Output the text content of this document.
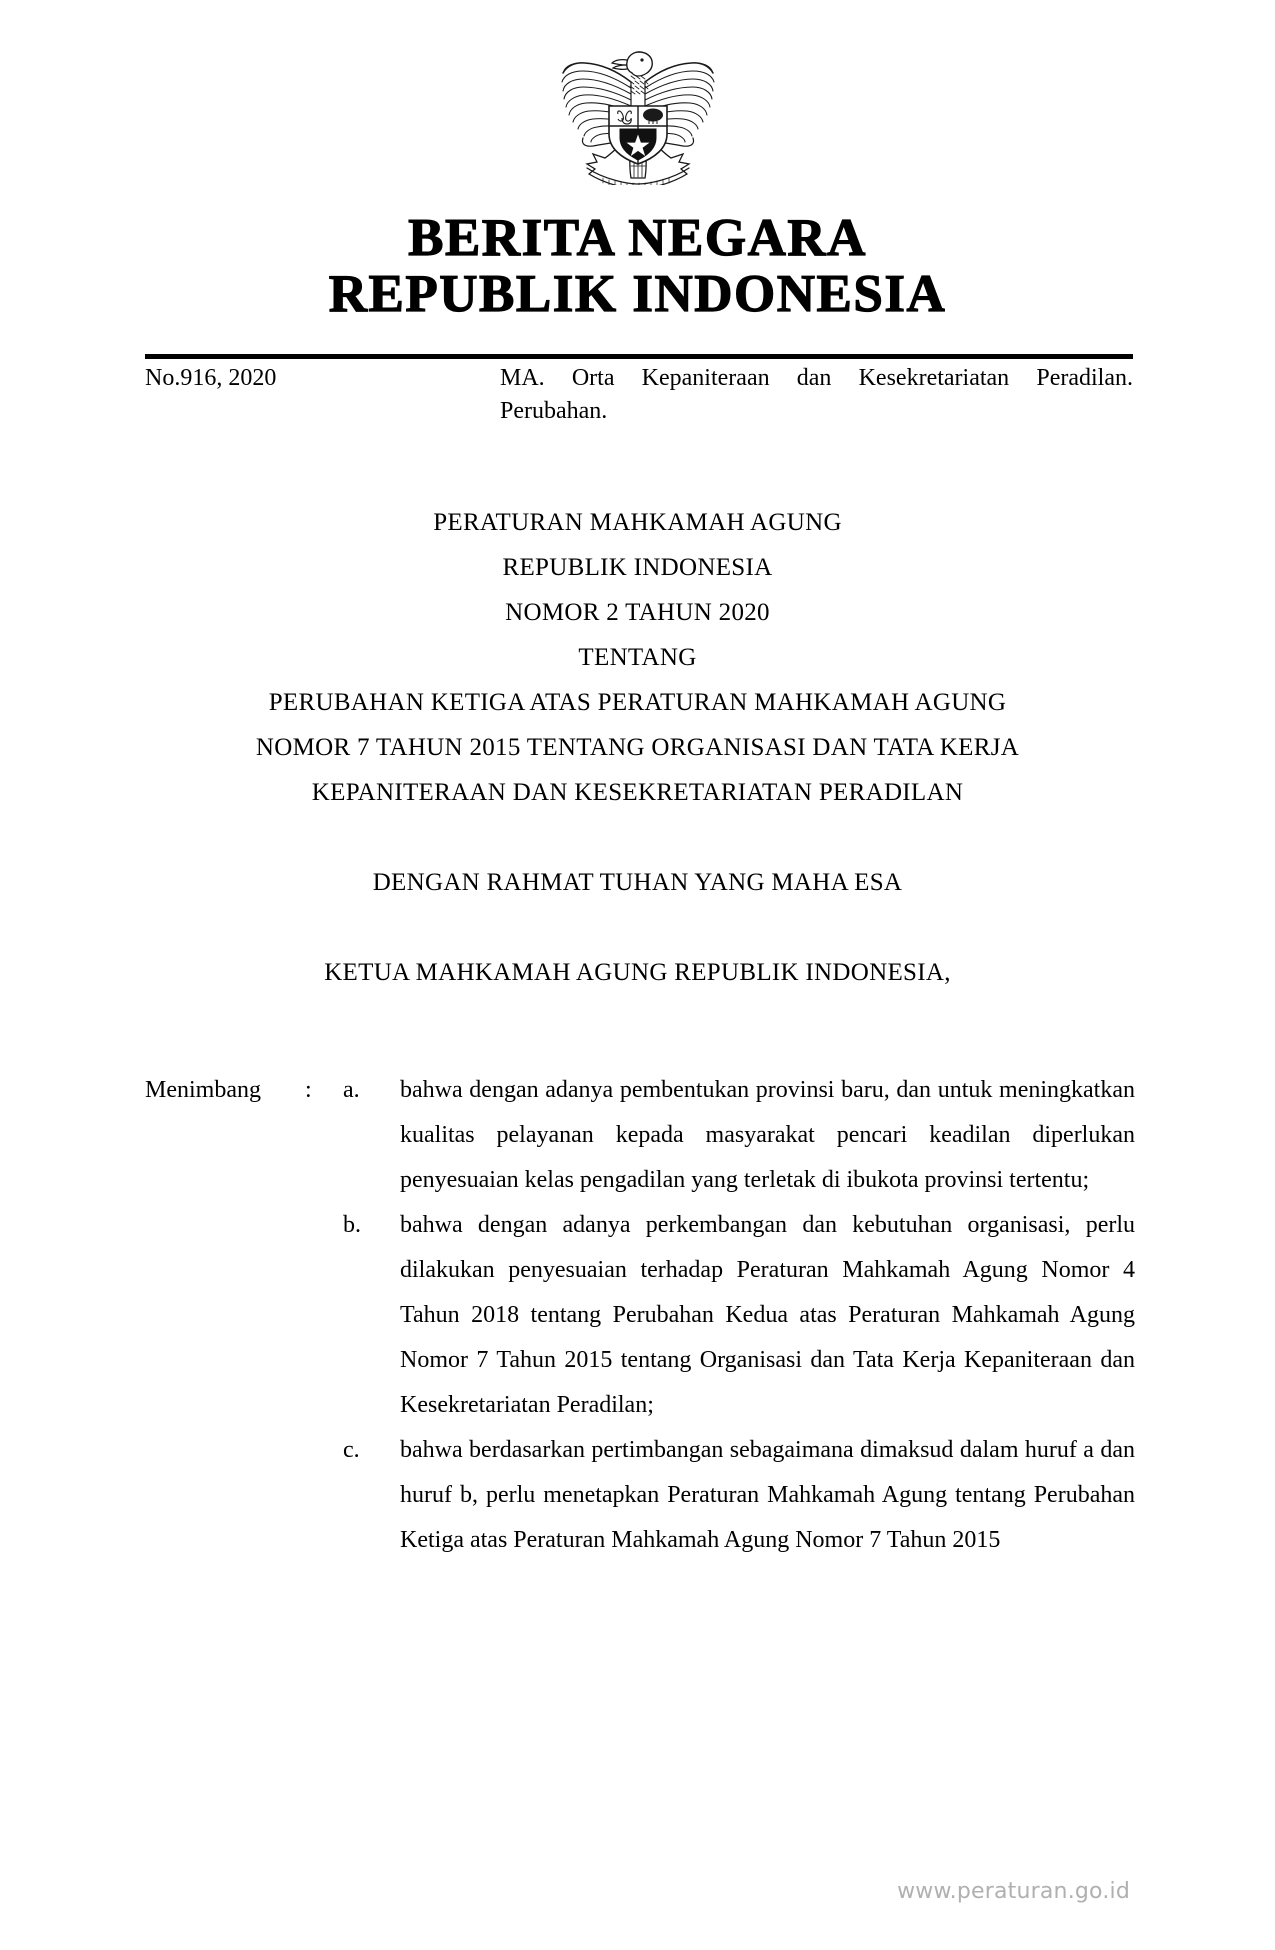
BERITA NEGARA
REPUBLIK INDONESIA
No.916, 2020	MA. Orta Kepaniteraan dan Kesekretariatan Peradilan. Perubahan.
PERATURAN MAHKAMAH AGUNG
REPUBLIK INDONESIA
NOMOR 2 TAHUN 2020
TENTANG
PERUBAHAN KETIGA ATAS PERATURAN MAHKAMAH AGUNG
NOMOR 7 TAHUN 2015 TENTANG ORGANISASI DAN TATA KERJA
KEPANITERAAN DAN KESEKRETARIATAN PERADILAN
DENGAN RAHMAT TUHAN YANG MAHA ESA
KETUA MAHKAMAH AGUNG REPUBLIK INDONESIA,
Menimbang	:	a.	bahwa dengan adanya pembentukan provinsi baru, dan untuk meningkatkan kualitas pelayanan kepada masyarakat pencari keadilan diperlukan penyesuaian kelas pengadilan yang terletak di ibukota provinsi tertentu;
b.	bahwa dengan adanya perkembangan dan kebutuhan organisasi, perlu dilakukan penyesuaian terhadap Peraturan Mahkamah Agung Nomor 4 Tahun 2018 tentang Perubahan Kedua atas Peraturan Mahkamah Agung Nomor 7 Tahun 2015 tentang Organisasi dan Tata Kerja Kepaniteraan dan Kesekretariatan Peradilan;
c.	bahwa berdasarkan pertimbangan sebagaimana dimaksud dalam huruf a dan huruf b, perlu menetapkan Peraturan Mahkamah Agung tentang Perubahan Ketiga atas Peraturan Mahkamah Agung Nomor 7 Tahun 2015
www.peraturan.go.id
